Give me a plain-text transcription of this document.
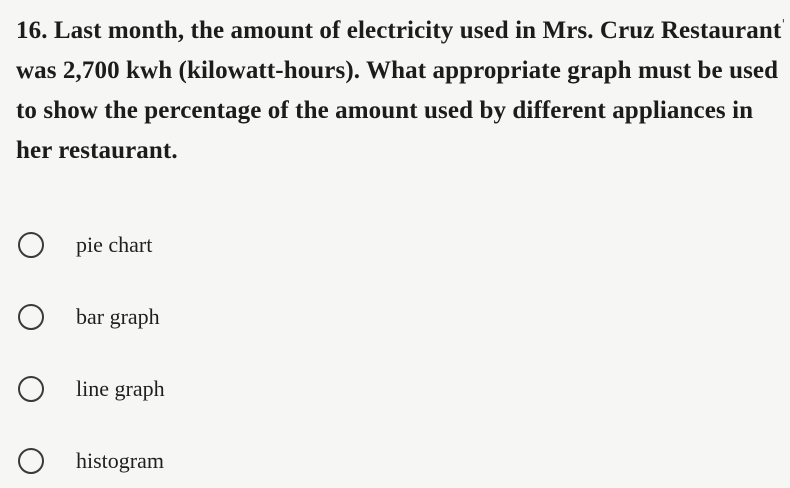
16. Last month, the amount of electricity used in Mrs. Cruz Restaurant was 2,700 kwh (kilowatt-hours). What appropriate graph must be used to show the percentage of the amount used by different appliances in her restaurant.

'
pie chart
bar graph
line graph
histogram
